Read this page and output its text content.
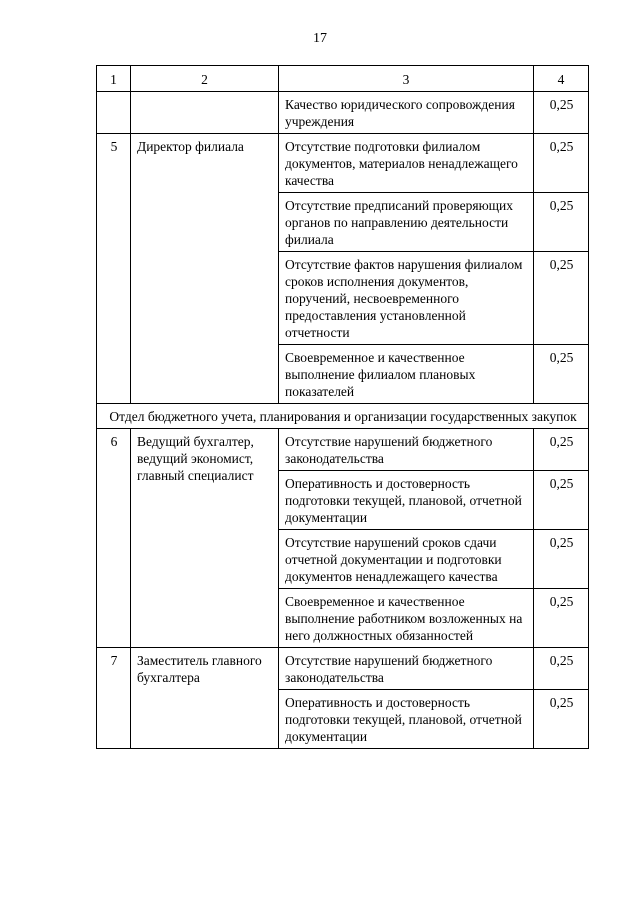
17
1	2	3	4
		Качество юридического сопровождения учреждения	0,25
5	Директор филиала	Отсутствие подготовки филиалом документов, материалов ненадлежащего качества	0,25
		Отсутствие предписаний проверяющих органов по направлению деятельности филиала	0,25
		Отсутствие фактов нарушения филиалом сроков исполнения документов, поручений, несвоевременного предоставления установленной отчетности	0,25
		Своевременное и качественное выполнение филиалом плановых показателей	0,25
Отдел бюджетного учета, планирования и организации государственных закупок			
6	Ведущий бухгалтер, ведущий экономист, главный специалист	Отсутствие нарушений бюджетного законодательства	0,25
		Оперативность и достоверность подготовки текущей, плановой, отчетной документации	0,25
		Отсутствие нарушений сроков сдачи отчетной документации и подготовки документов ненадлежащего качества	0,25
		Своевременное и качественное выполнение работником возложенных на него должностных обязанностей	0,25
7	Заместитель главного бухгалтера	Отсутствие нарушений бюджетного законодательства	0,25
		Оперативность и достоверность подготовки текущей, плановой, отчетной документации	0,25
